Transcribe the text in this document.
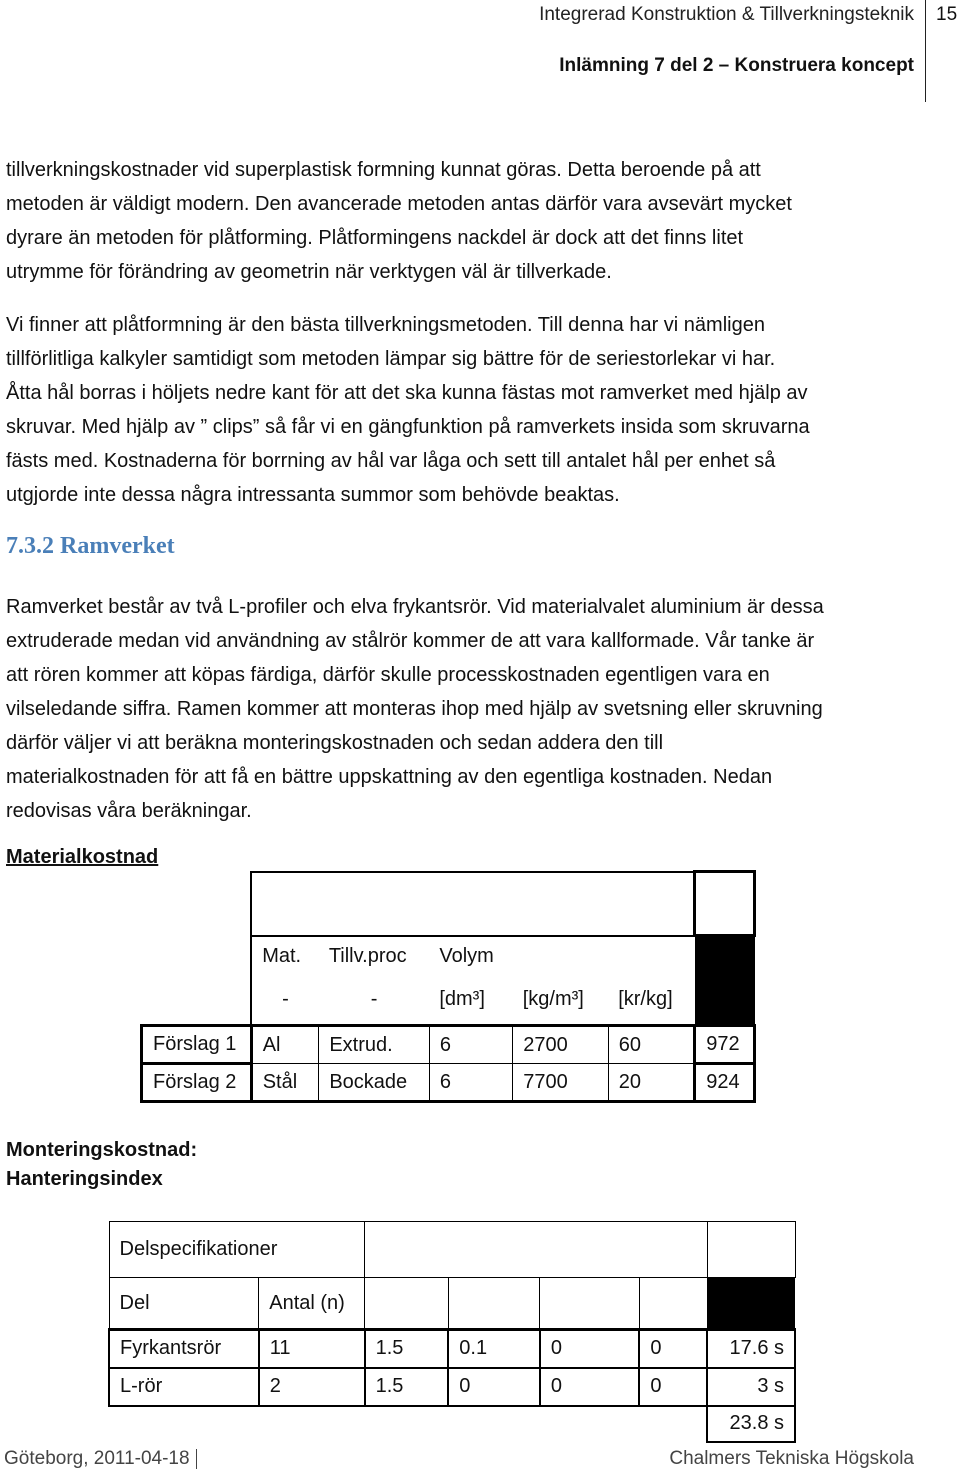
Integrerad Konstruktion & Tillverkningsteknik
Inlämning 7 del 2 – Konstruera koncept
15
tillverkningskostnader vid superplastisk formning kunnat göras. Detta beroende på att
metoden är väldigt modern. Den avancerade metoden antas därför vara avsevärt mycket
dyrare än metoden för plåtforming. Plåtformingens nackdel är dock att det finns litet
utrymme för förändring av geometrin när verktygen väl är tillverkade.
Vi finner att plåtformning är den bästa tillverkningsmetoden. Till denna har vi nämligen
tillförlitliga kalkyler samtidigt som metoden lämpar sig bättre för de seriestorlekar vi har.
Åtta hål borras i höljets nedre kant för att det ska kunna fästas mot ramverket med hjälp av
skruvar. Med hjälp av ” clips” så får vi en gängfunktion på ramverkets insida som skruvarna
fästs med. Kostnaderna för borrning av hål var låga och sett till antalet hål per enhet så
utgjorde inte dessa några intressanta summor som behövde beaktas.
7.3.2 Ramverket
Ramverket består av två L-profiler och elva frykantsrör. Vid materialvalet aluminium är dessa
extruderade medan vid användning av stålrör kommer de att vara kallformade. Vår tanke är
att rören kommer att köpas färdiga, därför skulle processkostnaden egentligen vara en
vilseledande siffra. Ramen kommer att monteras ihop med hjälp av svetsning eller skruvning
därför väljer vi att beräkna monteringskostnaden och sedan addera den till
materialkostnaden för att få en bättre uppskattning av den egentliga kostnaden. Nedan
redovisas våra beräkningar.
Materialkostnad

	Mat.	Tillv.proc	Volym			
	-	-	[dm³]	[kg/m³]	[kr/kg]	
Förslag 1	Al	Extrud.	6	2700	60	972
Förslag 2	Stål	Bockade	6	7700	20	924
Monteringskostnad:
Hanteringsindex
Delspecifikationer						
Del	Antal (n)					
Fyrkantsrör	11	1.5	0.1	0	0	17.6 s
L-rör	2	1.5	0	0	0	3 s
						23.8 s
Göteborg, 2011-04-18	Chalmers Tekniska Högskola
